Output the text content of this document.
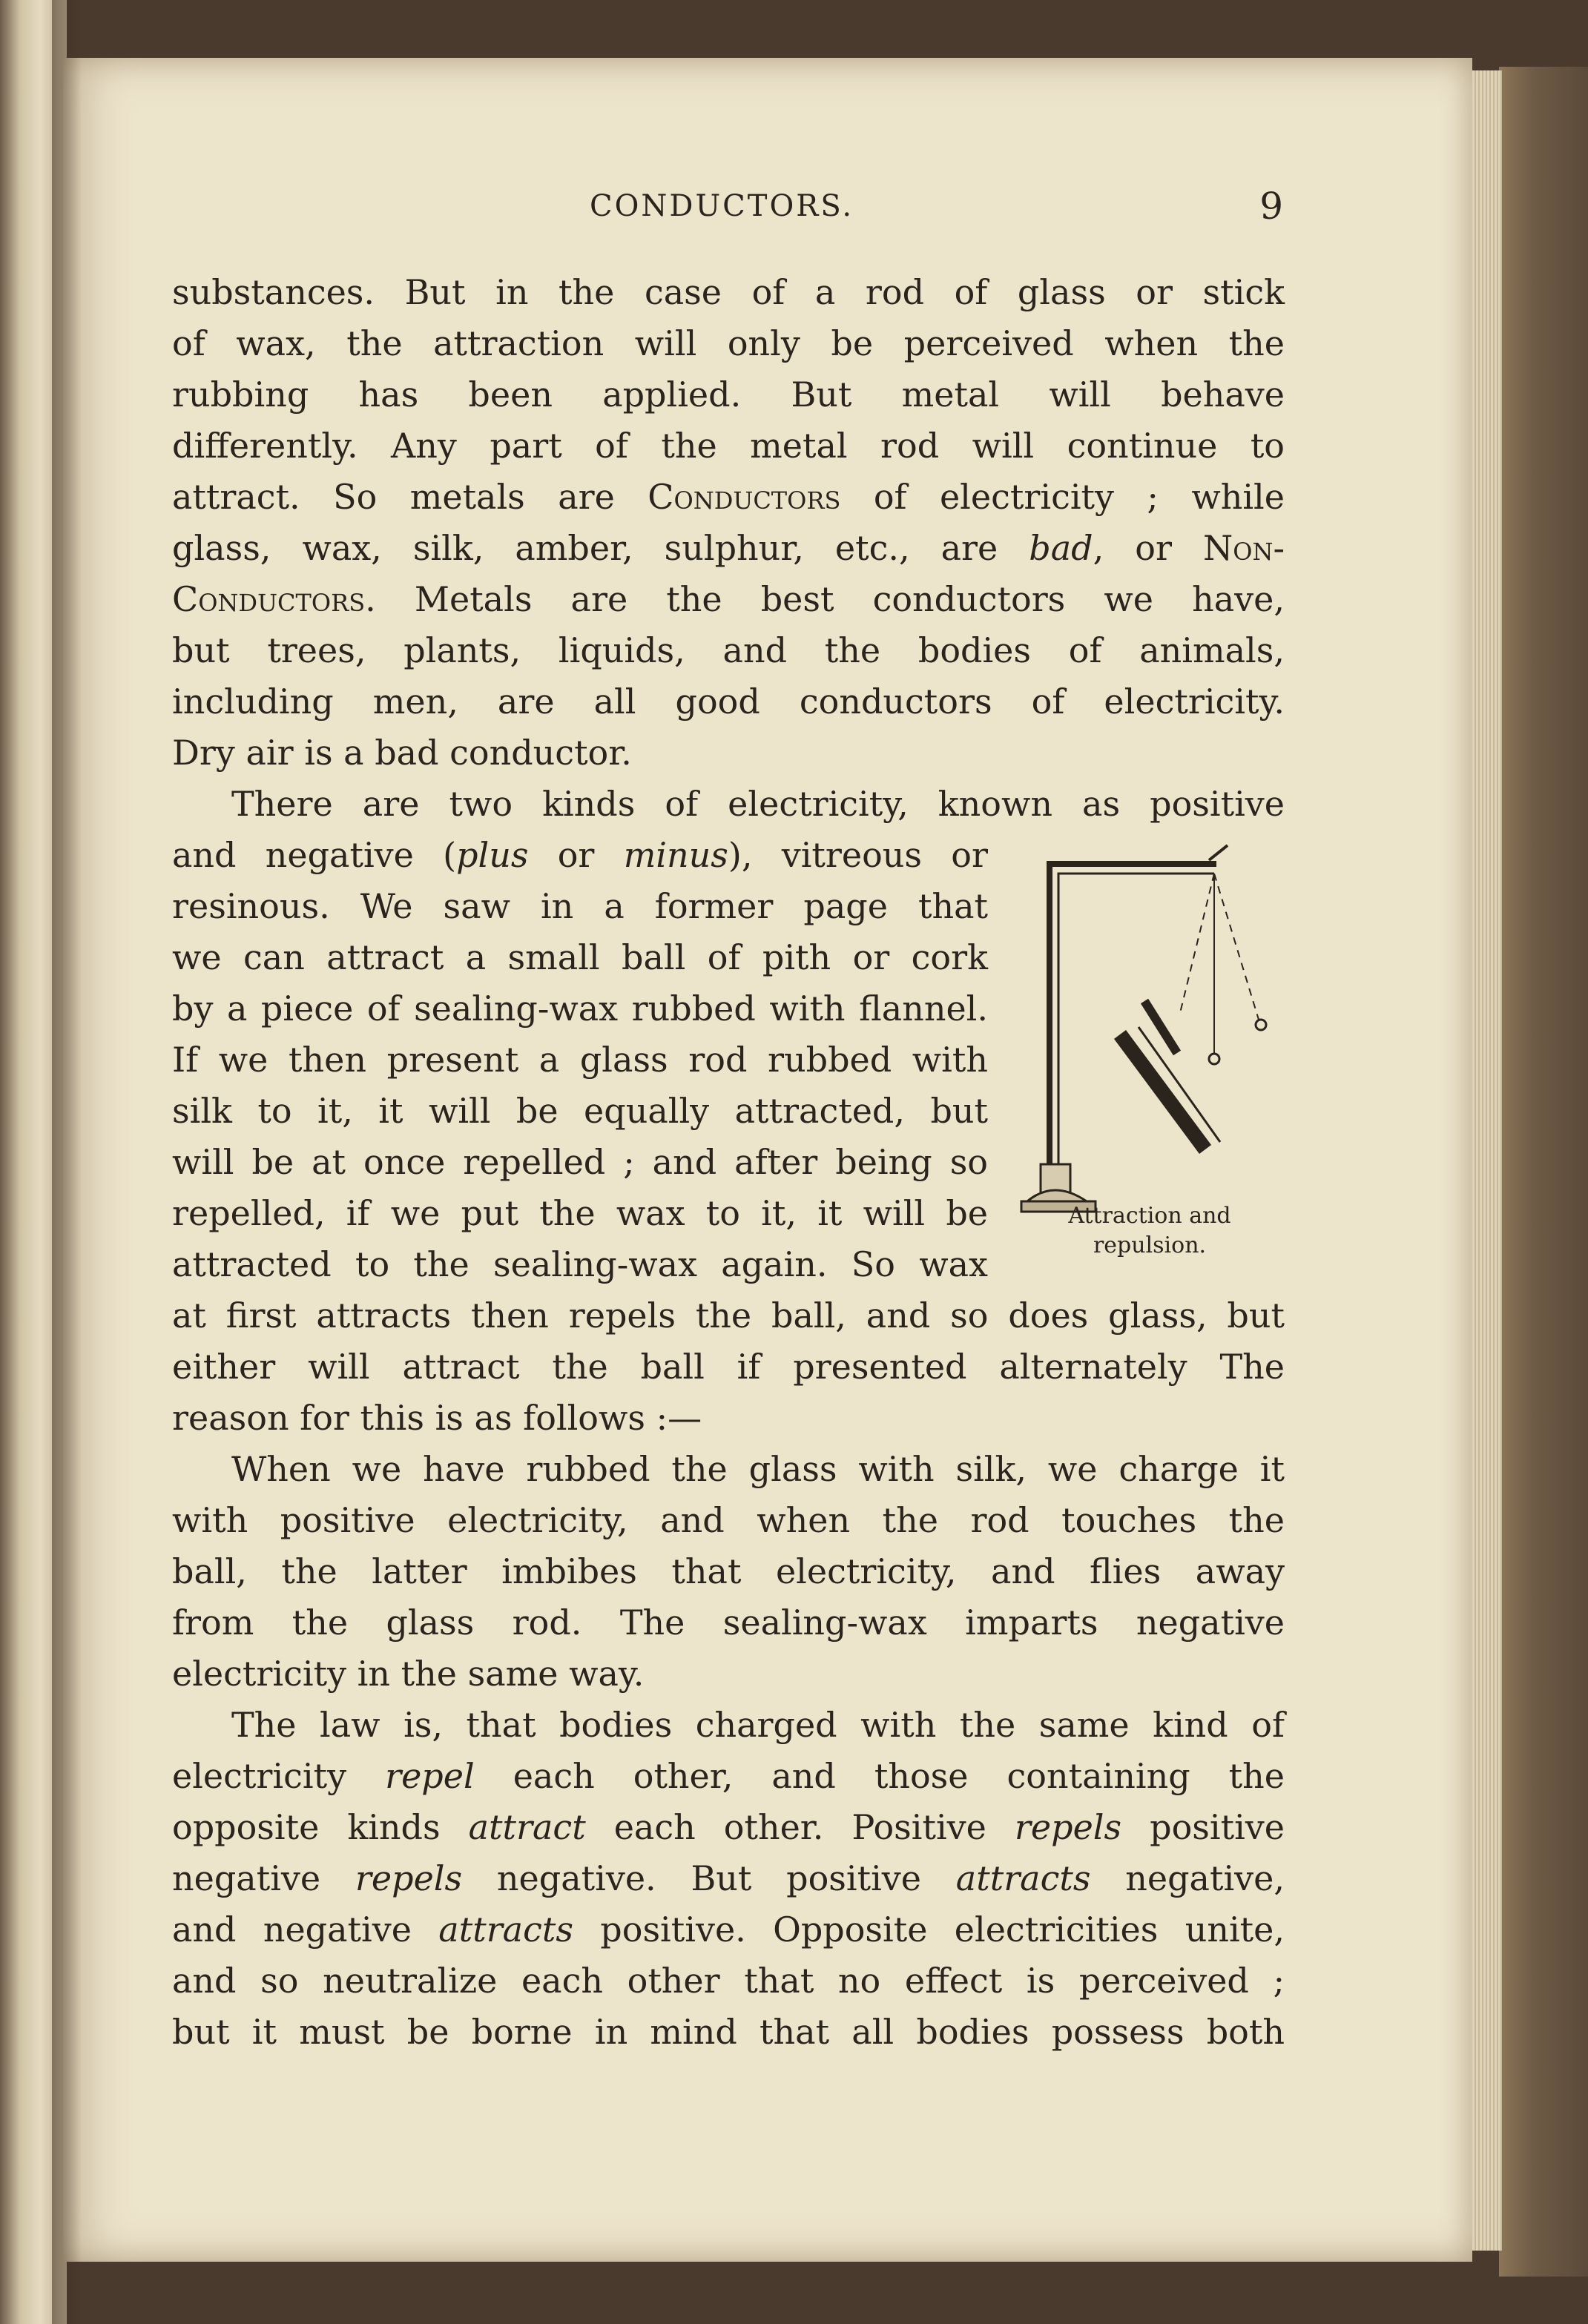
CONDUCTORS.	9
substances. But in the case of a rod of glass or stick
of wax, the attraction will only be perceived when the
rubbing has been applied. But metal will behave
differently. Any part of the metal rod will continue to
attract. So metals are Conductors of electricity ; while
glass, wax, silk, amber, sulphur, etc., are bad, or Non-
Conductors. Metals are the best conductors we have,
but trees, plants, liquids, and the bodies of animals,
including men, are all good conductors of electricity.
Dry air is a bad conductor.
There are two kinds of electricity, known as positive
and negative (plus or minus), vitreous or
resinous. We saw in a former page that
we can attract a small ball of pith or cork
by a piece of sealing-wax rubbed with flannel.
If we then present a glass rod rubbed with
silk to it, it will be equally attracted, but
will be at once repelled ; and after being so
repelled, if we put the wax to it, it will be
attracted to the sealing-wax again. So wax
at first attracts then repels the ball, and so does glass, but
either will attract the ball if presented alternately The
reason for this is as follows :—
When we have rubbed the glass with silk, we charge it
with positive electricity, and when the rod touches the
ball, the latter imbibes that electricity, and flies away
from the glass rod. The sealing-wax imparts negative
electricity in the same way.
The law is, that bodies charged with the same kind of
electricity repel each other, and those containing the
opposite kinds attract each other. Positive repels positive
negative repels negative. But positive attracts negative,
and negative attracts positive. Opposite electricities unite,
and so neutralize each other that no effect is perceived ;
but it must be borne in mind that all bodies possess both
Attraction and
repulsion.
